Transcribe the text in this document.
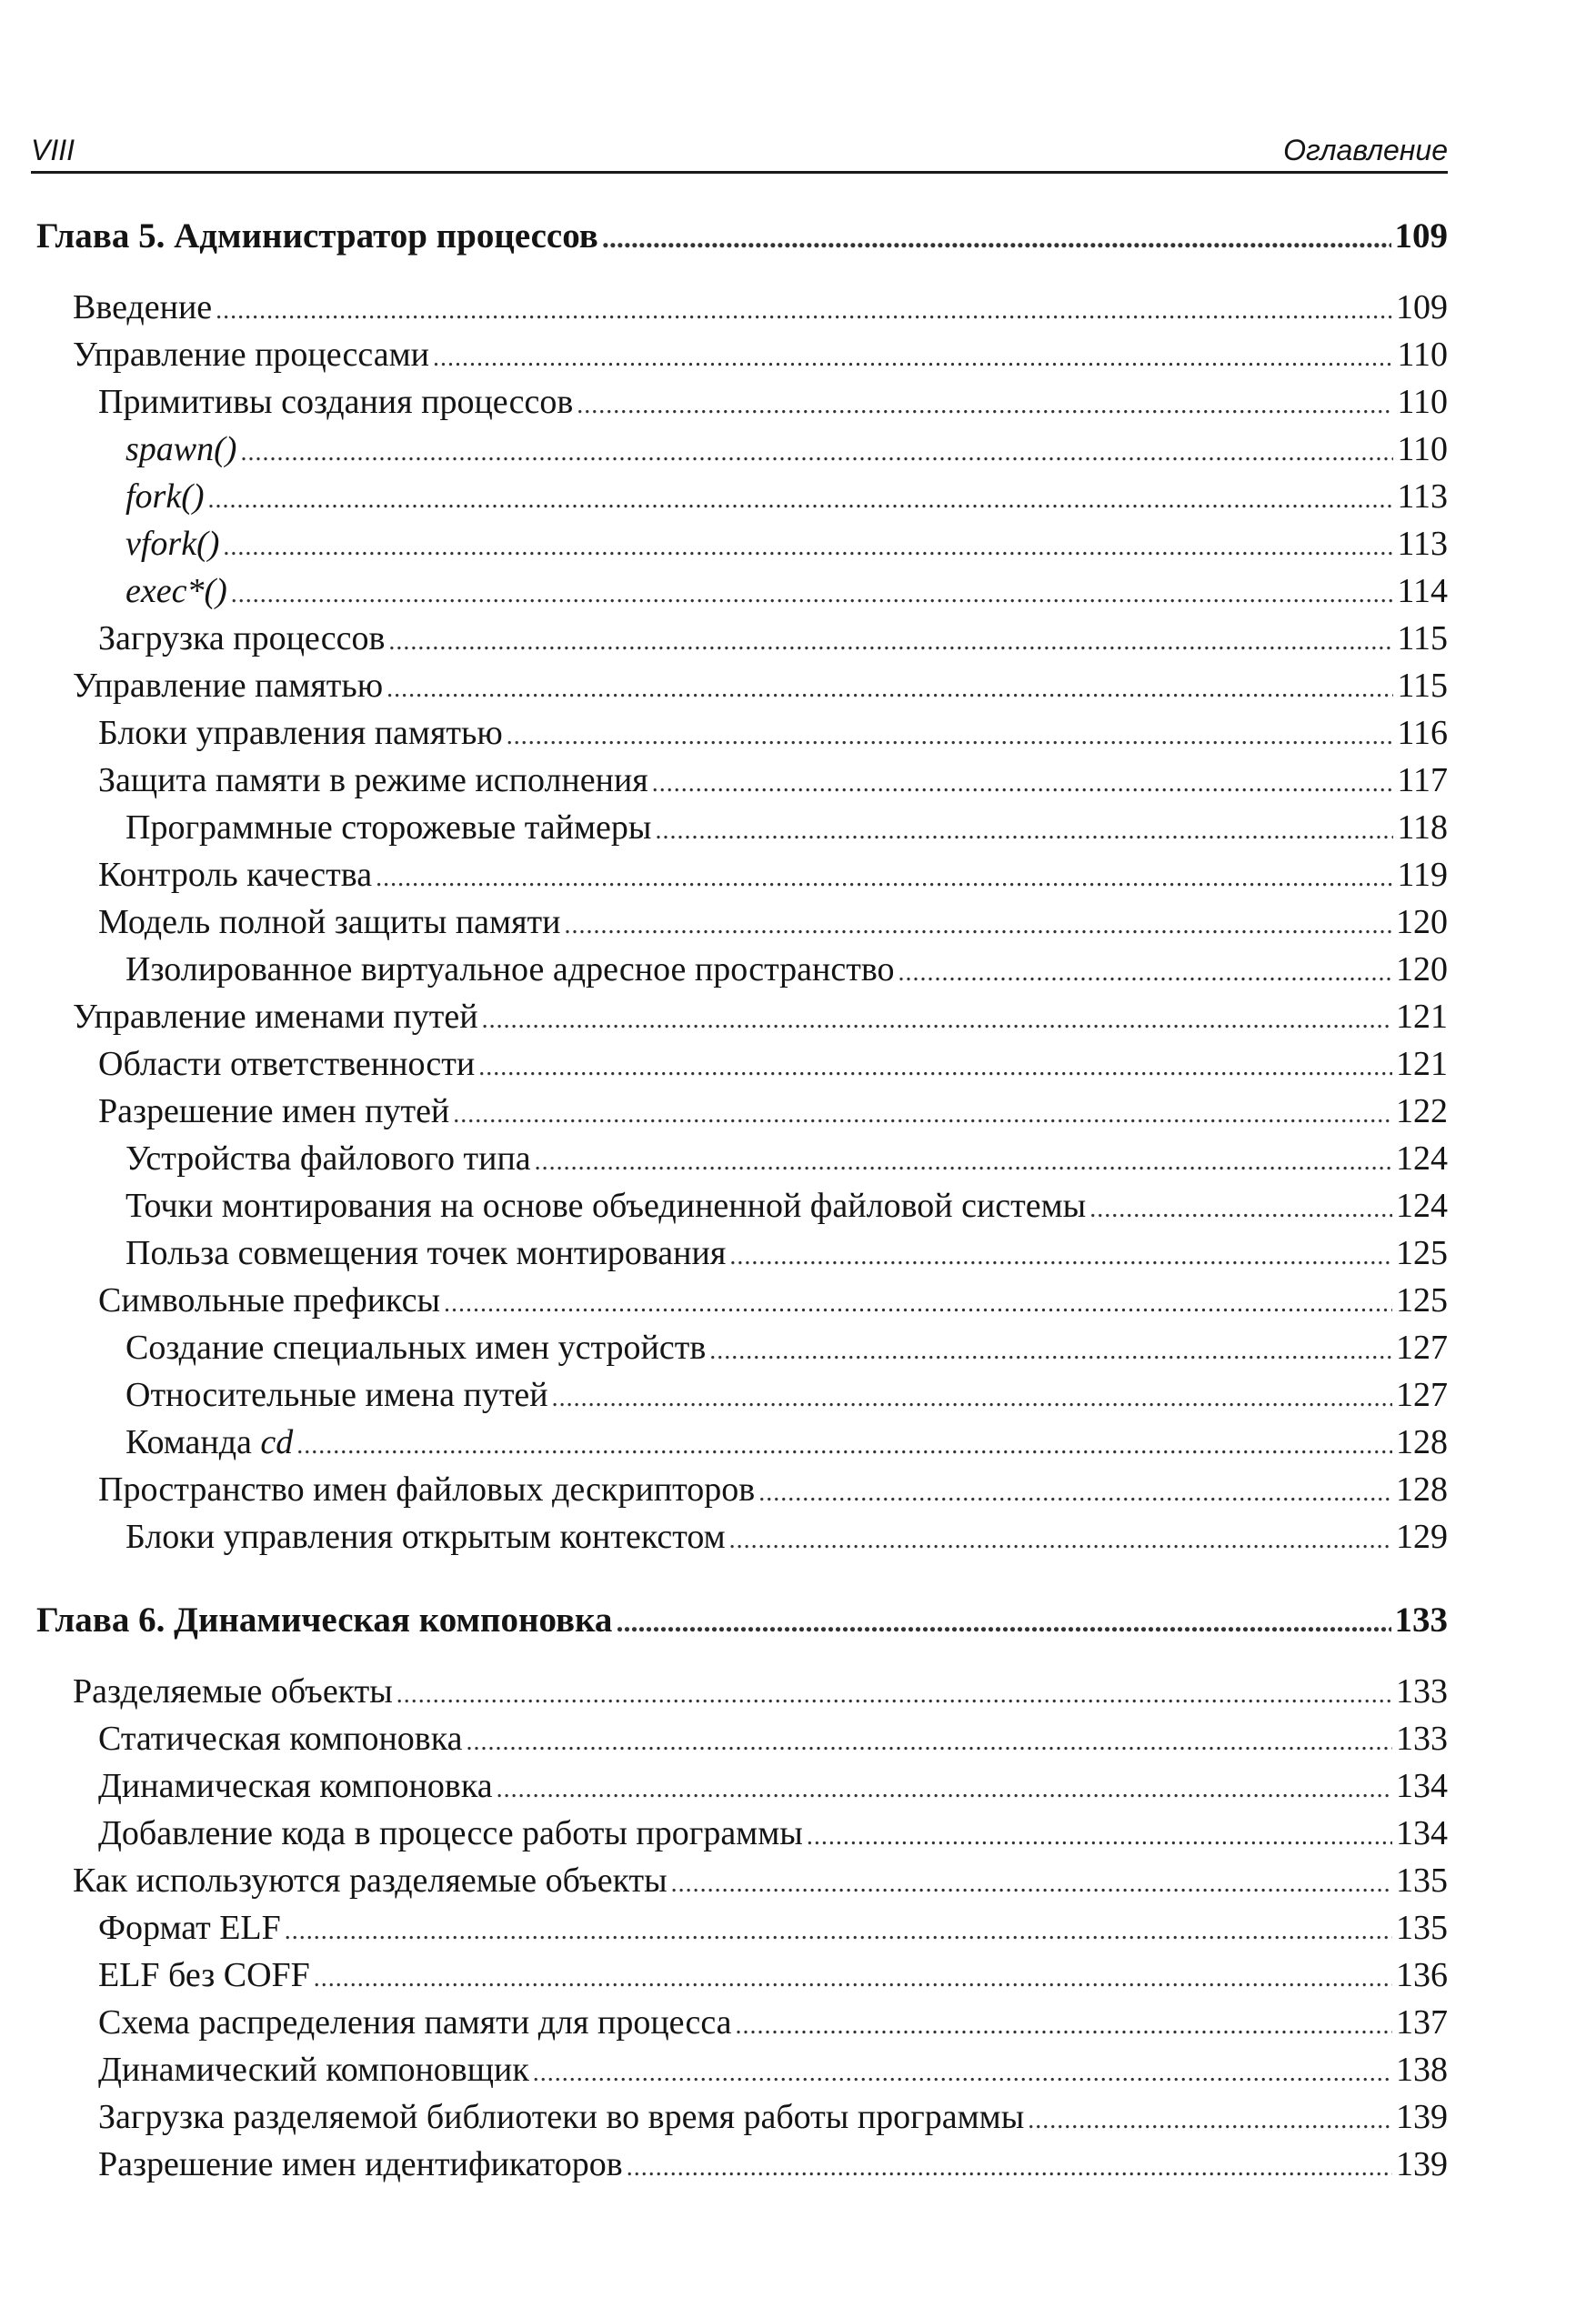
VIII	Оглавление
Глава 5. Администратор процессов . . .	109
Введение . . .	109
Управление процессами . . .	110
Примитивы создания процессов . . .	110
spawn() . . .	110
fork() . . .	113
vfork() . . .	113
exec*() . . .	114
Загрузка процессов . . .	115
Управление памятью . . .	115
Блоки управления памятью . . .	116
Защита памяти в режиме исполнения . . .	117
Программные сторожевые таймеры . . .	118
Контроль качества . . .	119
Модель полной защиты памяти . . .	120
Изолированное виртуальное адресное пространство . . .	120
Управление именами путей . . .	121
Области ответственности . . .	121
Разрешение имен путей . . .	122
Устройства файлового типа . . .	124
Точки монтирования на основе объединенной файловой системы . . .	124
Польза совмещения точек монтирования . . .	125
Символьные префиксы . . .	125
Создание специальных имен устройств . . .	127
Относительные имена путей . . .	127
Команда cd . . .	128
Пространство имен файловых дескрипторов . . .	128
Блоки управления открытым контекстом . . .	129
Глава 6. Динамическая компоновка . . .	133
Разделяемые объекты . . .	133
Статическая компоновка . . .	133
Динамическая компоновка . . .	134
Добавление кода в процессе работы программы . . .	134
Как используются разделяемые объекты . . .	135
Формат ELF . . .	135
ELF без COFF . . .	136
Схема распределения памяти для процесса . . .	137
Динамический компоновщик . . .	138
Загрузка разделяемой библиотеки во время работы программы . . .	139
Разрешение имен идентификаторов . . .	139
